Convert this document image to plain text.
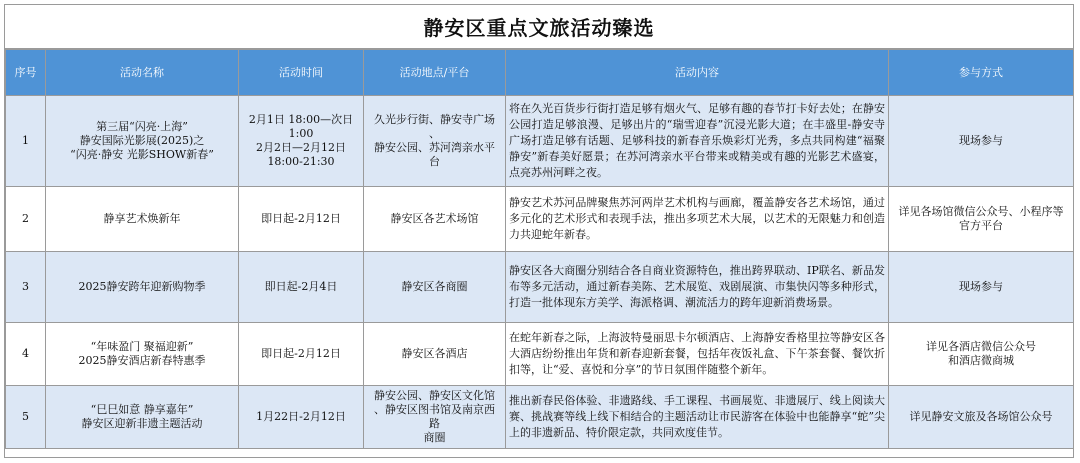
静安区重点文旅活动臻选
序号	活动名称	活动时间	活动地点/平台	活动内容	参与方式
1	第三届“闪亮·上海”
静安国际光影展(2025)之
“闪亮·静安 光影SHOW新春”	2月1日 18:00—次日
1:00
2月2日—2月12日
18:00-21:30	久光步行街、静安寺广场
、
静安公园、苏河湾亲水平
台	将在久光百货步行街打造足够有烟火气、足够有趣的春节打卡好去处；在静安公园打造足够浪漫、足够出片的“瑞雪迎春”沉浸光影大道；在丰盛里-静安寺广场打造足够有话题、足够科技的新春音乐焕彩灯光秀，多点共同构建“福聚静安”新春美好愿景；在苏河湾亲水平台带来或精美或有趣的光影艺术盛宴，点亮苏州河畔之夜。	现场参与
2	静享艺术焕新年	即日起-2月12日	静安区各艺术场馆	静安艺术苏河品牌聚焦苏河两岸艺术机构与画廊，覆盖静安各艺术场馆，通过多元化的艺术形式和表现手法，推出多项艺术大展，以艺术的无限魅力和创造力共迎蛇年新春。	详见各场馆微信公众号、小程序等
官方平台
3	2025静安跨年迎新购物季	即日起-2月4日	静安区各商圈	静安区各大商圈分别结合各自商业资源特色，推出跨界联动、IP联名、新品发布等多元活动，通过新春美陈、艺术展览、戏剧展演、市集快闪等多种形式，打造一批体现东方美学、海派格调、潮流活力的跨年迎新消费场景。	现场参与
4	“年味盈门 聚福迎新”
2025静安酒店新春特惠季	即日起-2月12日	静安区各酒店	在蛇年新春之际，上海波特曼丽思卡尔顿酒店、上海静安香格里拉等静安区各大酒店纷纷推出年货和新春迎新套餐，包括年夜饭礼盒、下午茶套餐、餐饮折扣等，让“爱、喜悦和分享”的节日氛围伴随整个新年。	详见各酒店微信公众号
和酒店微商城
5	“巳巳如意 静享嘉年”
静安区迎新非遗主题活动	1月22日-2月12日	静安公园、静安区文化馆
、静安区图书馆及南京西
路
商圈	推出新春民俗体验、非遗路线、手工课程、书画展览、非遗展厅、线上阅读大赛、挑战赛等线上线下相结合的主题活动让市民游客在体验中也能静享“蛇”尖上的非遗新品、特价限定款，共同欢度佳节。	详见静安文旅及各场馆公众号
